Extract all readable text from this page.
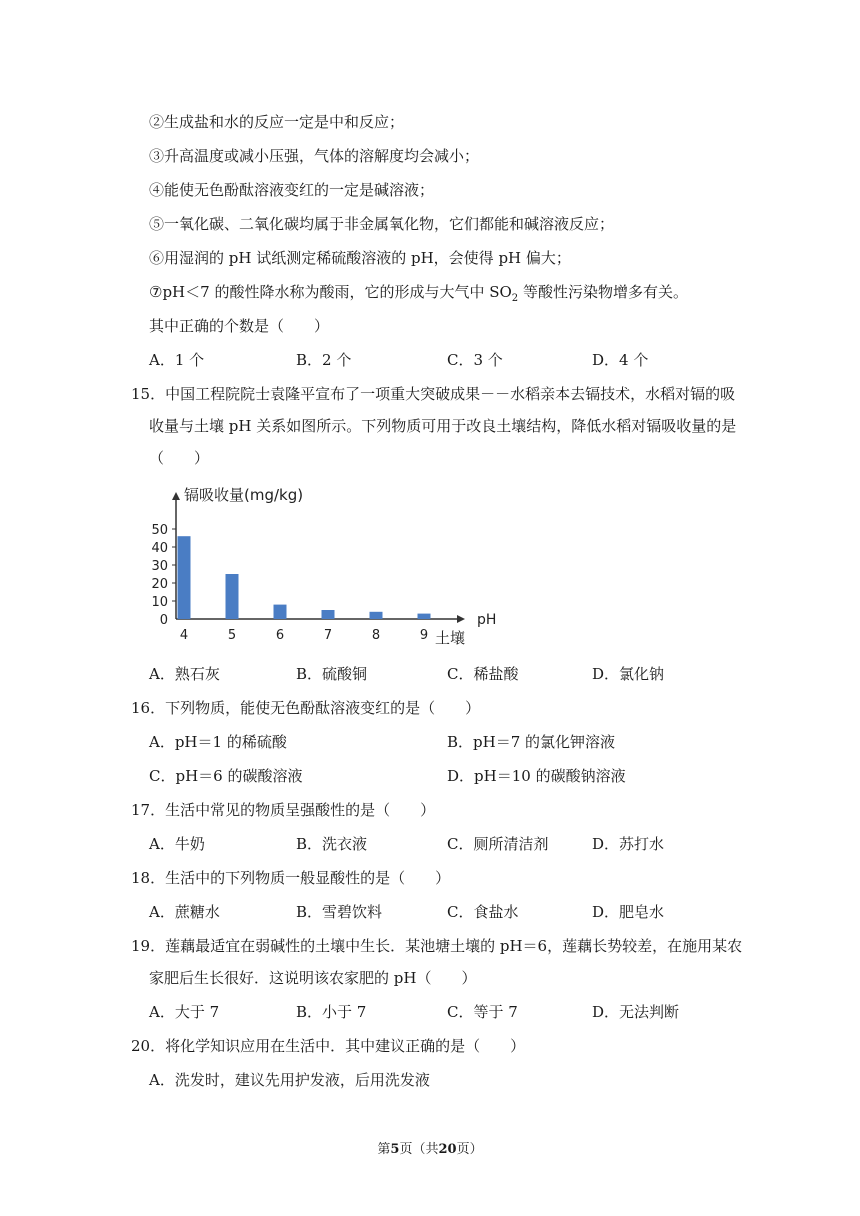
②生成盐和水的反应一定是中和反应；
③升高温度或减小压强，气体的溶解度均会减小；
④能使无色酚酞溶液变红的一定是碱溶液；
⑤一氧化碳、二氧化碳均属于非金属氧化物，它们都能和碱溶液反应；
⑥用湿润的 pH 试纸测定稀硫酸溶液的 pH，会使得 pH 偏大；
⑦pH＜7 的酸性降水称为酸雨，它的形成与大气中 $SO_2$ 等酸性污染物增多有关。
其中正确的个数是（　　）
A．1 个	B．2 个	C．3 个	D．4 个
15．中国工程院院士袁隆平宣布了一项重大突破成果－－水稻亲本去镉技术，水稻对镉的吸
收量与土壤 pH 关系如图所示。下列物质可用于改良土壤结构，降低水稻对镉吸收量的是
（　　）
0
10
20
30
40
50
4	5	6	7	8	9
镉吸收量(mg/kg)
pH
土壤
A．熟石灰	B．硫酸铜	C．稀盐酸	D．氯化钠
16．下列物质，能使无色酚酞溶液变红的是（　　）
A．pH＝1 的稀硫酸	B．pH＝7 的氯化钾溶液
C．pH＝6 的碳酸溶液	D．pH＝10 的碳酸钠溶液
17．生活中常见的物质呈强酸性的是（　　）
A．牛奶	B．洗衣液	C．厕所清洁剂	D．苏打水
18．生活中的下列物质一般显酸性的是（　　）
A．蔗糖水	B．雪碧饮料	C．食盐水	D．肥皂水
19．莲藕最适宜在弱碱性的土壤中生长．某池塘土壤的 pH＝6，莲藕长势较差，在施用某农
家肥后生长很好．这说明该农家肥的 pH（　　）
A．大于 7	B．小于 7	C．等于 7	D．无法判断
20．将化学知识应用在生活中．其中建议正确的是（　　）
A．洗发时，建议先用护发液，后用洗发液
第5页（共20页）
